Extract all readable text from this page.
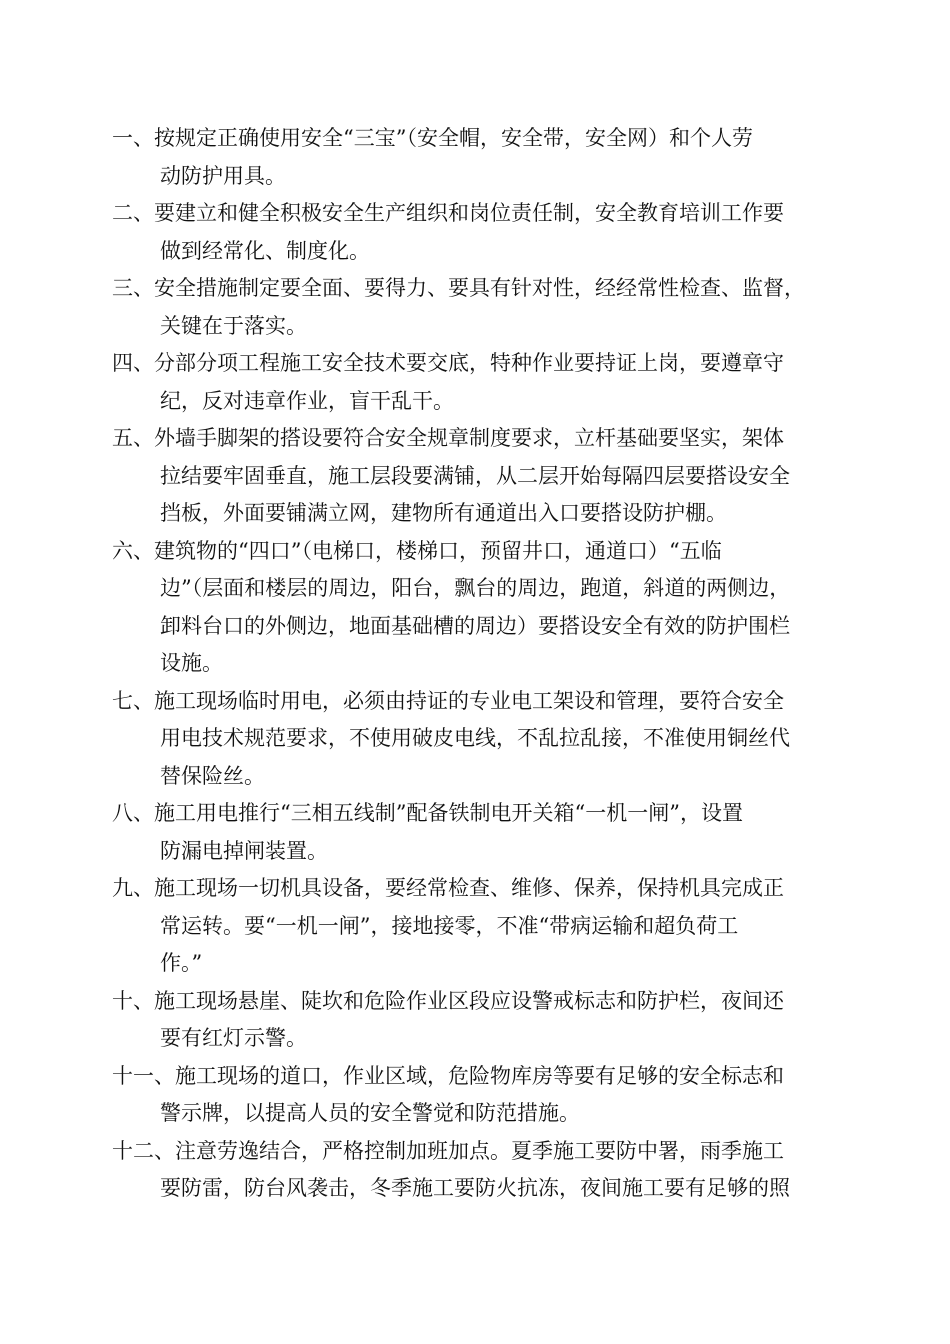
一、按规定正确使用安全“三宝”（安全帽，安全带，安全网）和个人劳
动防护用具。

二、要建立和健全积极安全生产组织和岗位责任制，安全教育培训工作要
做到经常化、制度化。

三、安全措施制定要全面、要得力、要具有针对性，经经常性检查、监督，
关键在于落实。

四、分部分项工程施工安全技术要交底，特种作业要持证上岗，要遵章守
纪，反对违章作业，盲干乱干。

五、外墙手脚架的搭设要符合安全规章制度要求，立杆基础要坚实，架体
拉结要牢固垂直，施工层段要满铺，从二层开始每隔四层要搭设安全
挡板，外面要铺满立网，建物所有通道出入口要搭设防护棚。

六、建筑物的“四口”（电梯口，楼梯口，预留井口，通道口）“五临
边”（层面和楼层的周边，阳台，飘台的周边，跑道，斜道的两侧边，
卸料台口的外侧边，地面基础槽的周边）要搭设安全有效的防护围栏
设施。

七、施工现场临时用电，必须由持证的专业电工架设和管理，要符合安全
用电技术规范要求，不使用破皮电线，不乱拉乱接，不准使用铜丝代
替保险丝。

八、施工用电推行“三相五线制”配备铁制电开关箱“一机一闸”，设置
防漏电掉闸装置。

九、施工现场一切机具设备，要经常检查、维修、保养，保持机具完成正
常运转。要“一机一闸”，接地接零，不准“带病运输和超负荷工
作。”

十、施工现场悬崖、陡坎和危险作业区段应设警戒标志和防护栏，夜间还
要有红灯示警。

十一、施工现场的道口，作业区域，危险物库房等要有足够的安全标志和
警示牌，以提高人员的安全警觉和防范措施。

十二、注意劳逸结合，严格控制加班加点。夏季施工要防中署，雨季施工
要防雷，防台风袭击，冬季施工要防火抗冻，夜间施工要有足够的照
